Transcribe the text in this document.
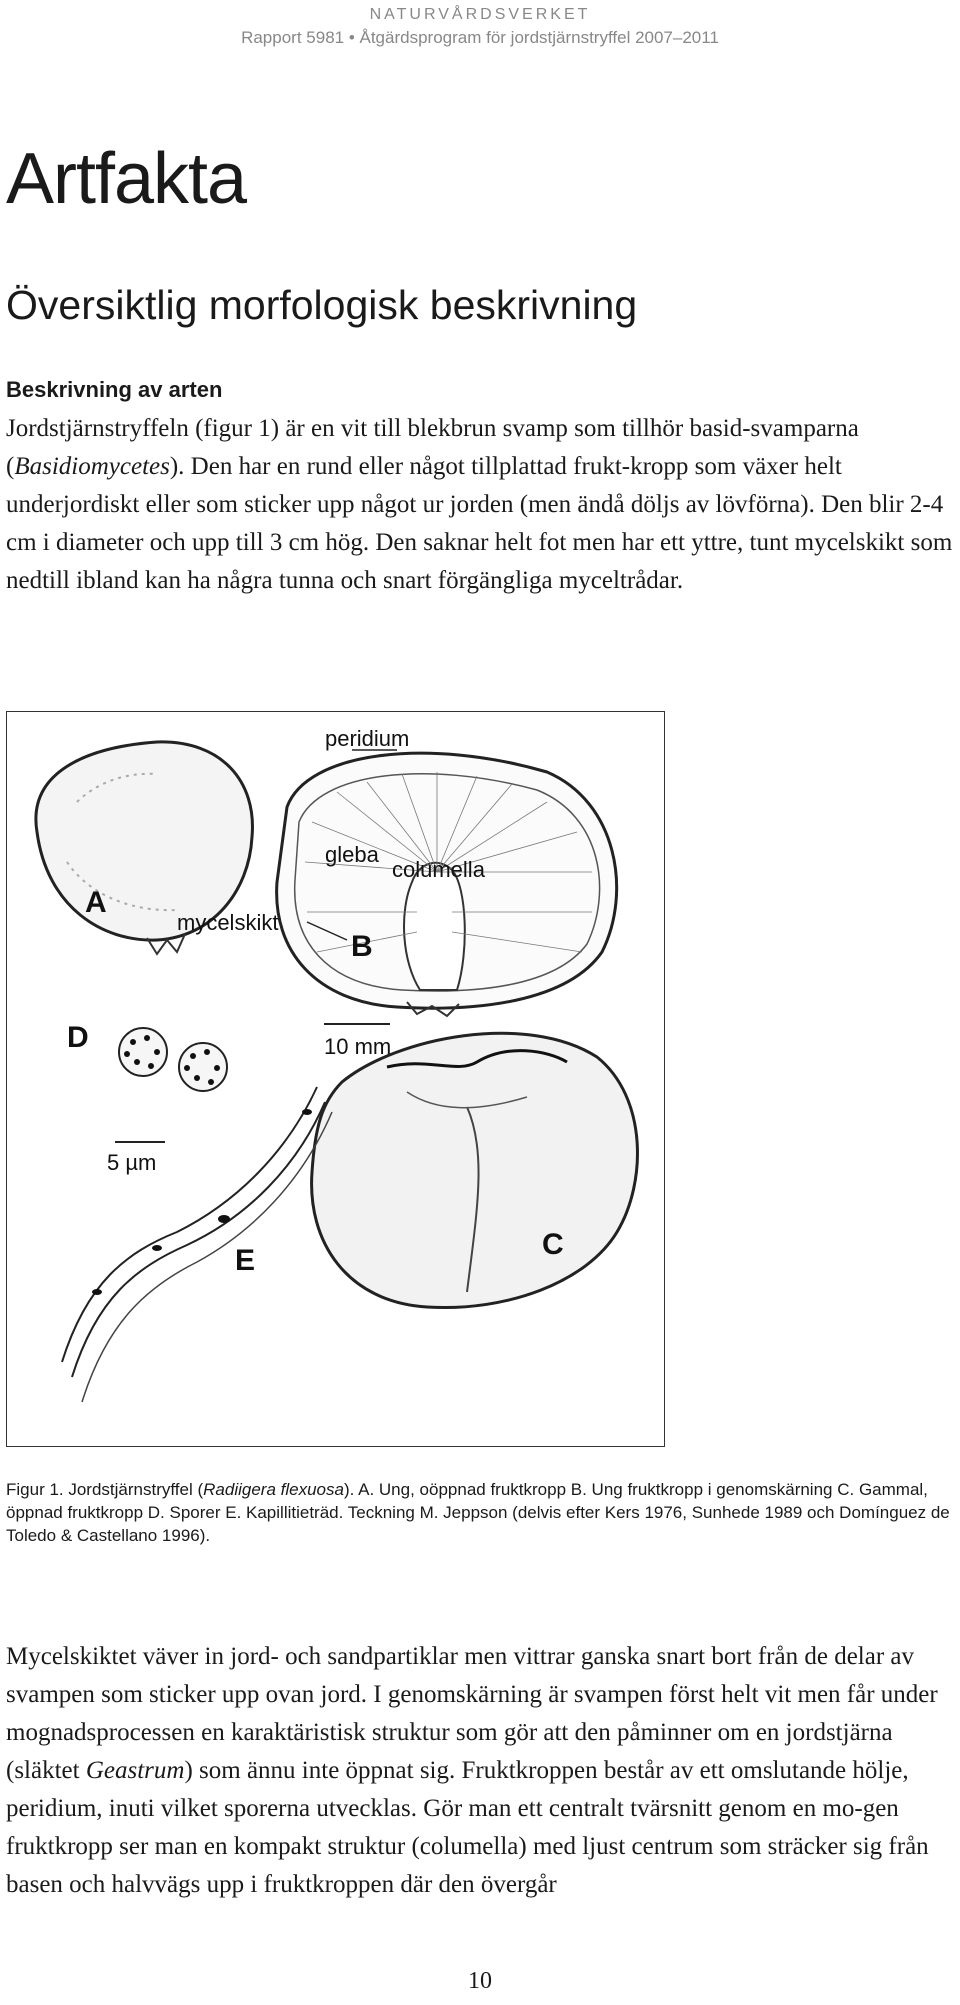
NATURVÅRDSVERKET
Rapport 5981 • Åtgärdsprogram för jordstjärnstryffel 2007–2011
Artfakta
Översiktlig morfologisk beskrivning
Beskrivning av arten

Jordstjärnstryffeln (figur 1) är en vit till blekbrun svamp som tillhör basid-svamparna (Basidiomycetes). Den har en rund eller något tillplattad frukt-kropp som växer helt underjordiskt eller som sticker upp något ur jorden (men ändå döljs av lövförna). Den blir 2-4 cm i diameter och upp till 3 cm hög. Den saknar helt fot men har ett yttre, tunt mycelskikt som nedtill ibland kan ha några tunna och snart förgängliga myceltrådar.

peridium
gleba
columella
mycelskikt
A
B
C
D
E
10 mm
5 µm

Figur 1. Jordstjärnstryffel (Radiigera flexuosa). A. Ung, oöppnad fruktkropp B. Ung fruktkropp i genomskärning C. Gammal, öppnad fruktkropp D. Sporer E. Kapillitieträd. Teckning M. Jeppson (delvis efter Kers 1976, Sunhede 1989 och Domínguez de Toledo & Castellano 1996).

Mycelskiktet väver in jord- och sandpartiklar men vittrar ganska snart bort från de delar av svampen som sticker upp ovan jord. I genomskärning är svampen först helt vit men får under mognadsprocessen en karaktäristisk struktur som gör att den påminner om en jordstjärna (släktet Geastrum) som ännu inte öppnat sig. Fruktkroppen består av ett omslutande hölje, peridium, inuti vilket sporerna utvecklas. Gör man ett centralt tvärsnitt genom en mo-gen fruktkropp ser man en kompakt struktur (columella) med ljust centrum som sträcker sig från basen och halvvägs upp i fruktkroppen där den övergår

10
